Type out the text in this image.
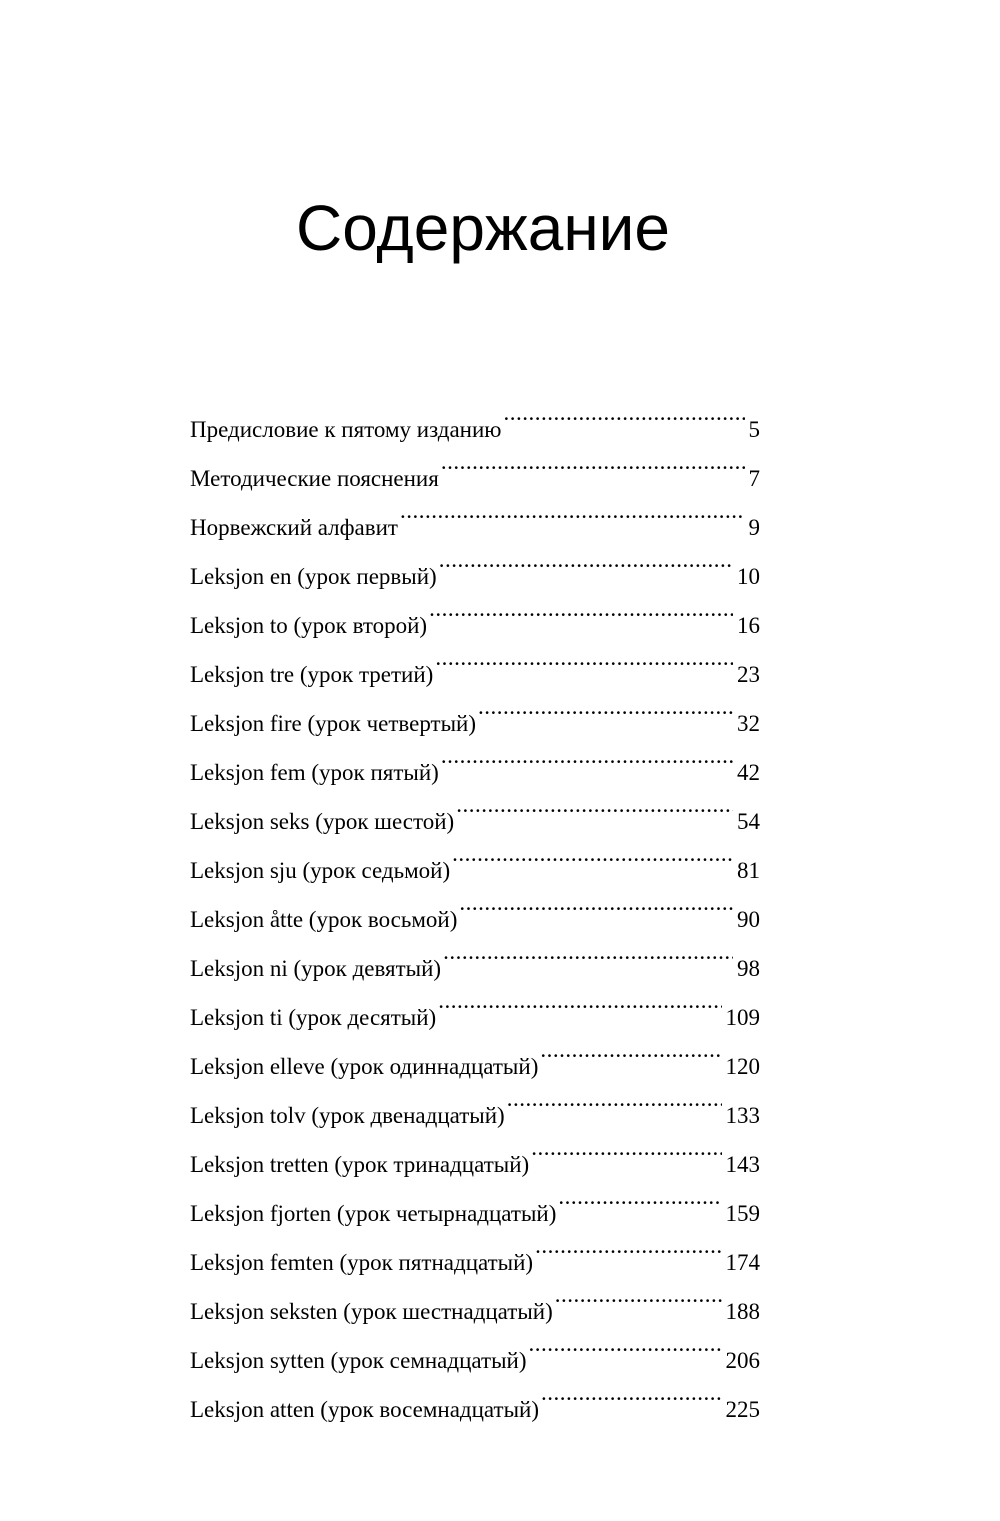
Содержание
Предисловие к пятому изданию .....	5
Методические пояснения .....	7
Норвежский алфавит .....	9
Leksjon en (урок первый) .....	10
Leksjon to (урок второй) .....	16
Leksjon tre (урок третий) .....	23
Leksjon fire (урок четвертый) .....	32
Leksjon fem (урок пятый) .....	42
Leksjon seks (урок шестой) .....	54
Leksjon sju (урок седьмой) .....	81
Leksjon åtte (урок восьмой) .....	90
Leksjon ni (урок девятый) .....	98
Leksjon ti (урок десятый) .....	109
Leksjon elleve (урок одиннадцатый) .....	120
Leksjon tolv (урок двенадцатый) .....	133
Leksjon tretten (урок тринадцатый) .....	143
Leksjon fjorten (урок четырнадцатый) .....	159
Leksjon femten (урок пятнадцатый) .....	174
Leksjon seksten (урок шестнадцатый) .....	188
Leksjon sytten (урок семнадцатый) .....	206
Leksjon atten (урок восемнадцатый) .....	225
